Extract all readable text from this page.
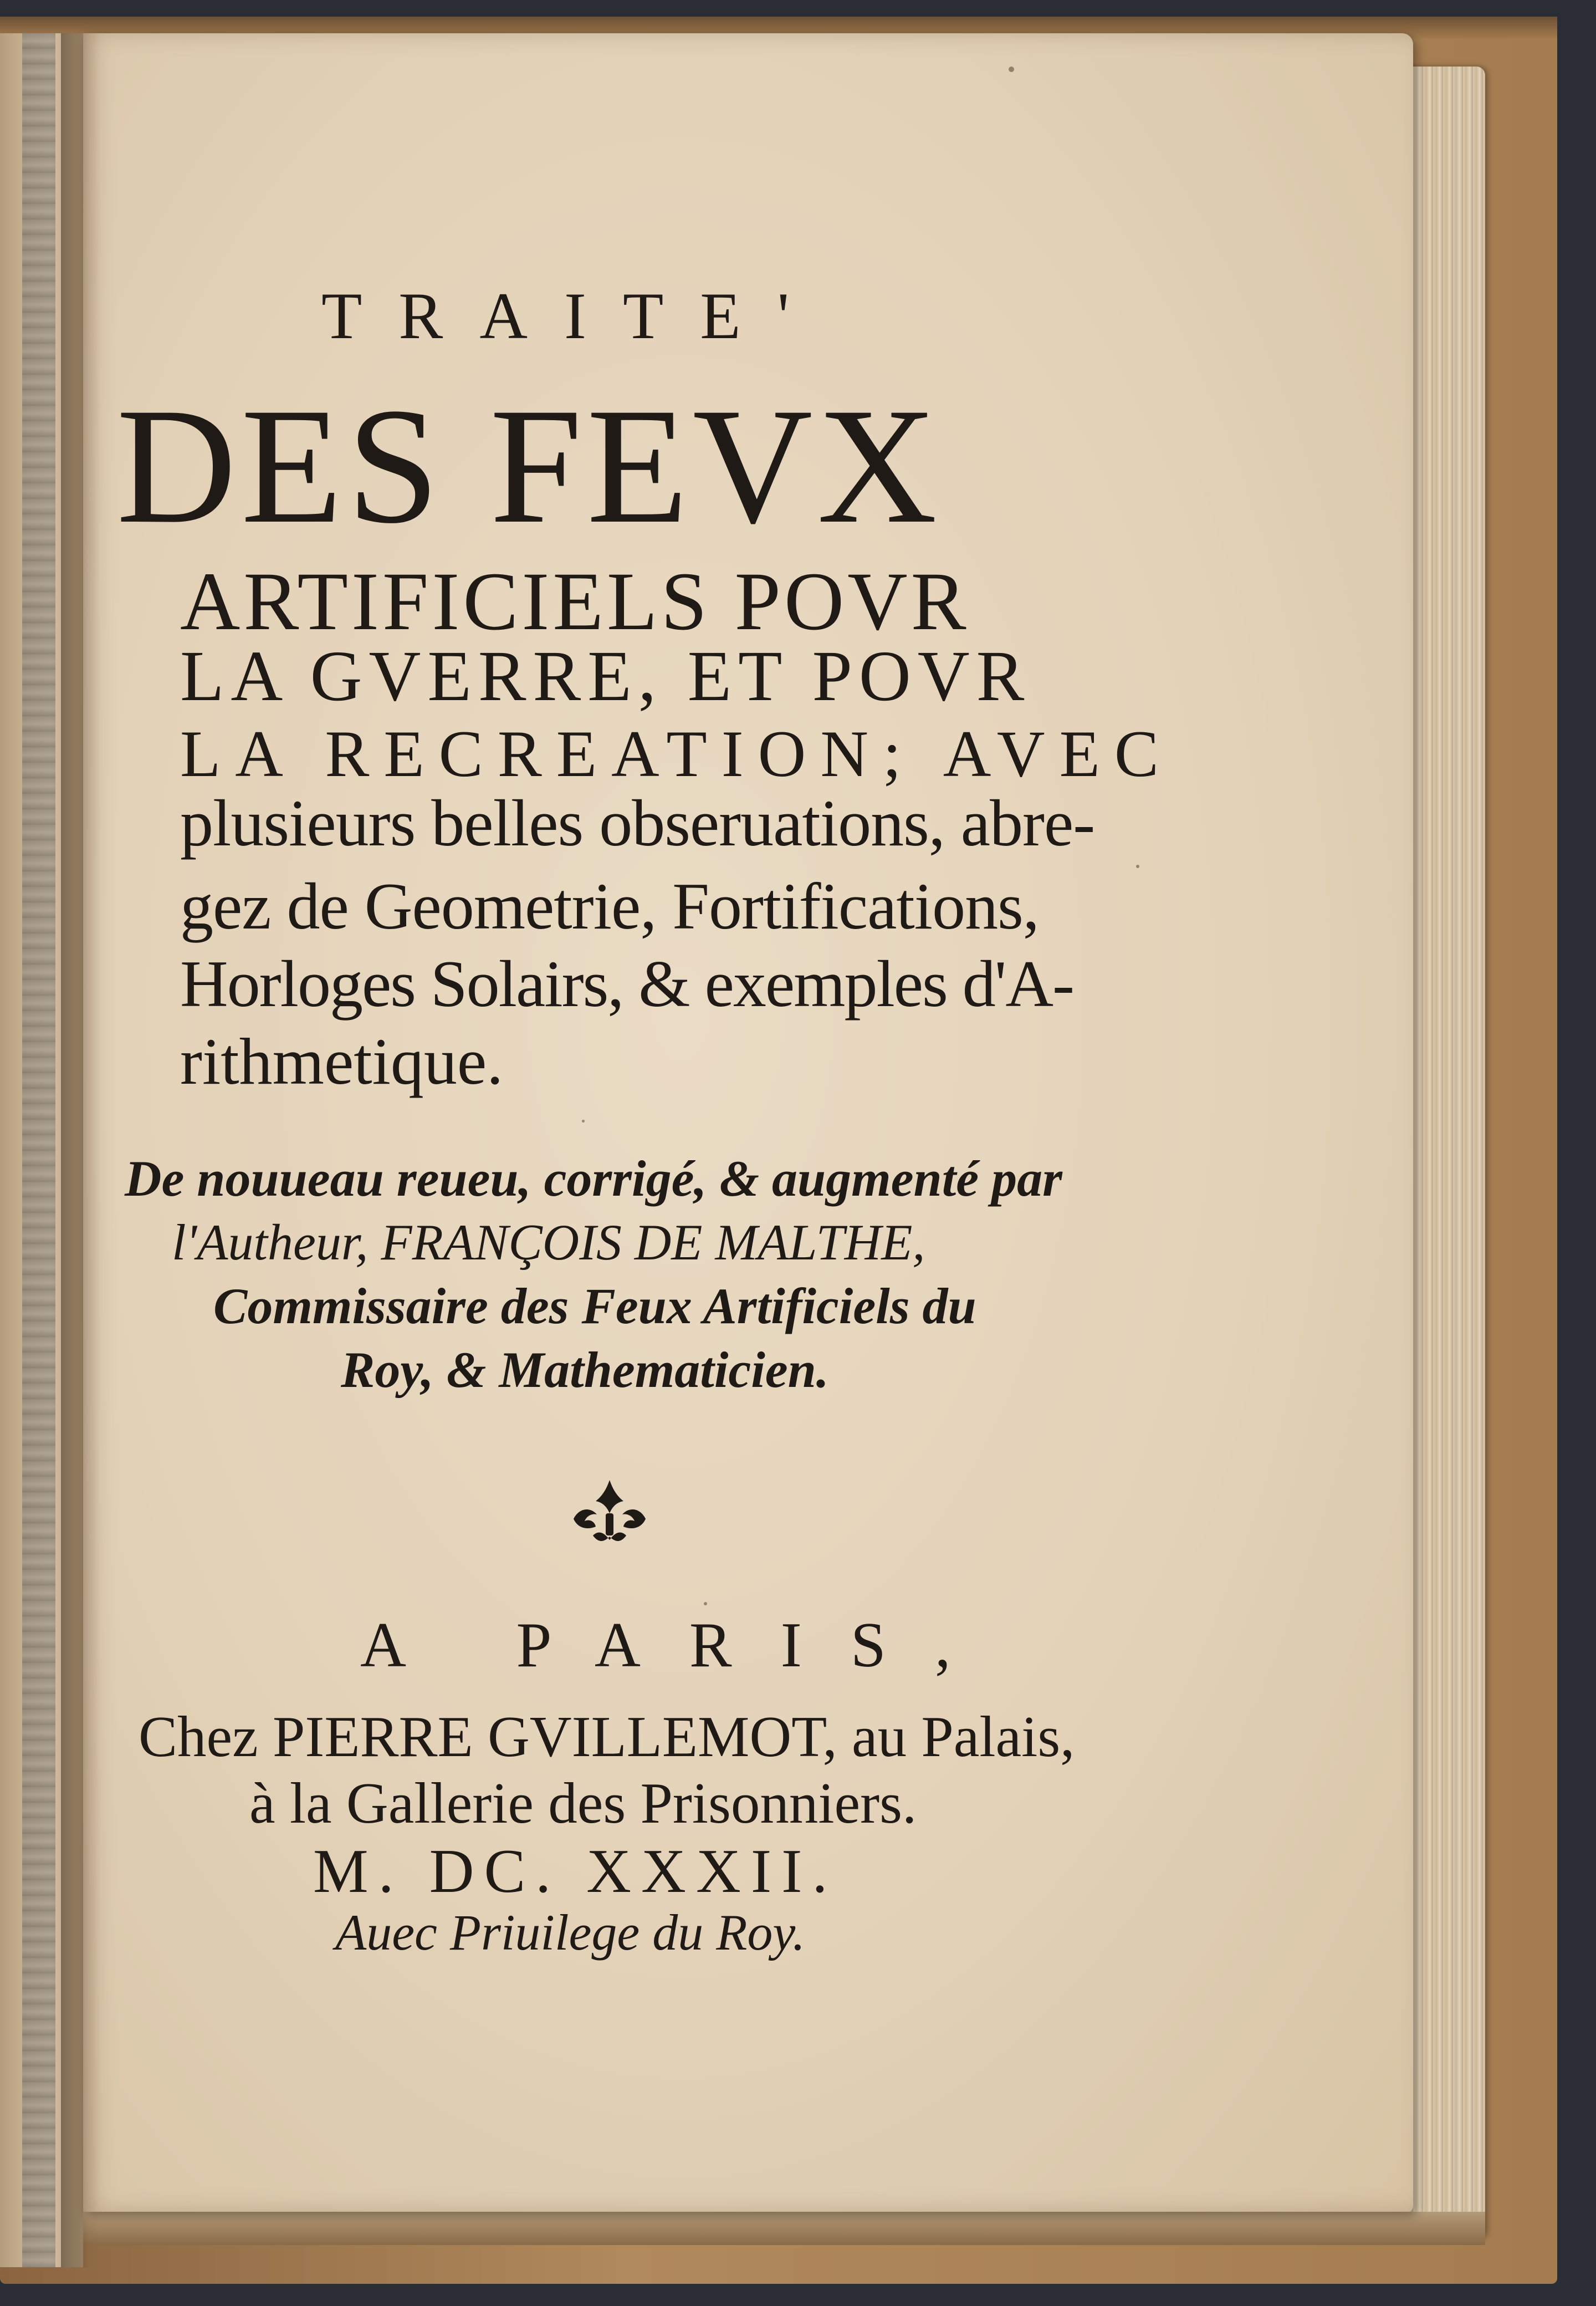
TRAITE'

DES FEVX

ARTIFICIELS POVR

LA GVERRE, ET POVR

LA RECREATION; AVEC

plusieurs belles obseruations, abre-

gez de Geometrie, Fortifications,

Horloges Solairs, & exemples d'A-

rithmetique.

De nouueau reueu, corrigé, & augmenté par

l'Autheur, FRANÇOIS DE MALTHE,

Commissaire des Feux Artificiels du

Roy, & Mathematicien.

A PARIS,

Chez PIERRE GVILLEMOT, au Palais,

à la Gallerie des Prisonniers.

M. DC. XXXII.

Auec Priuilege du Roy.
